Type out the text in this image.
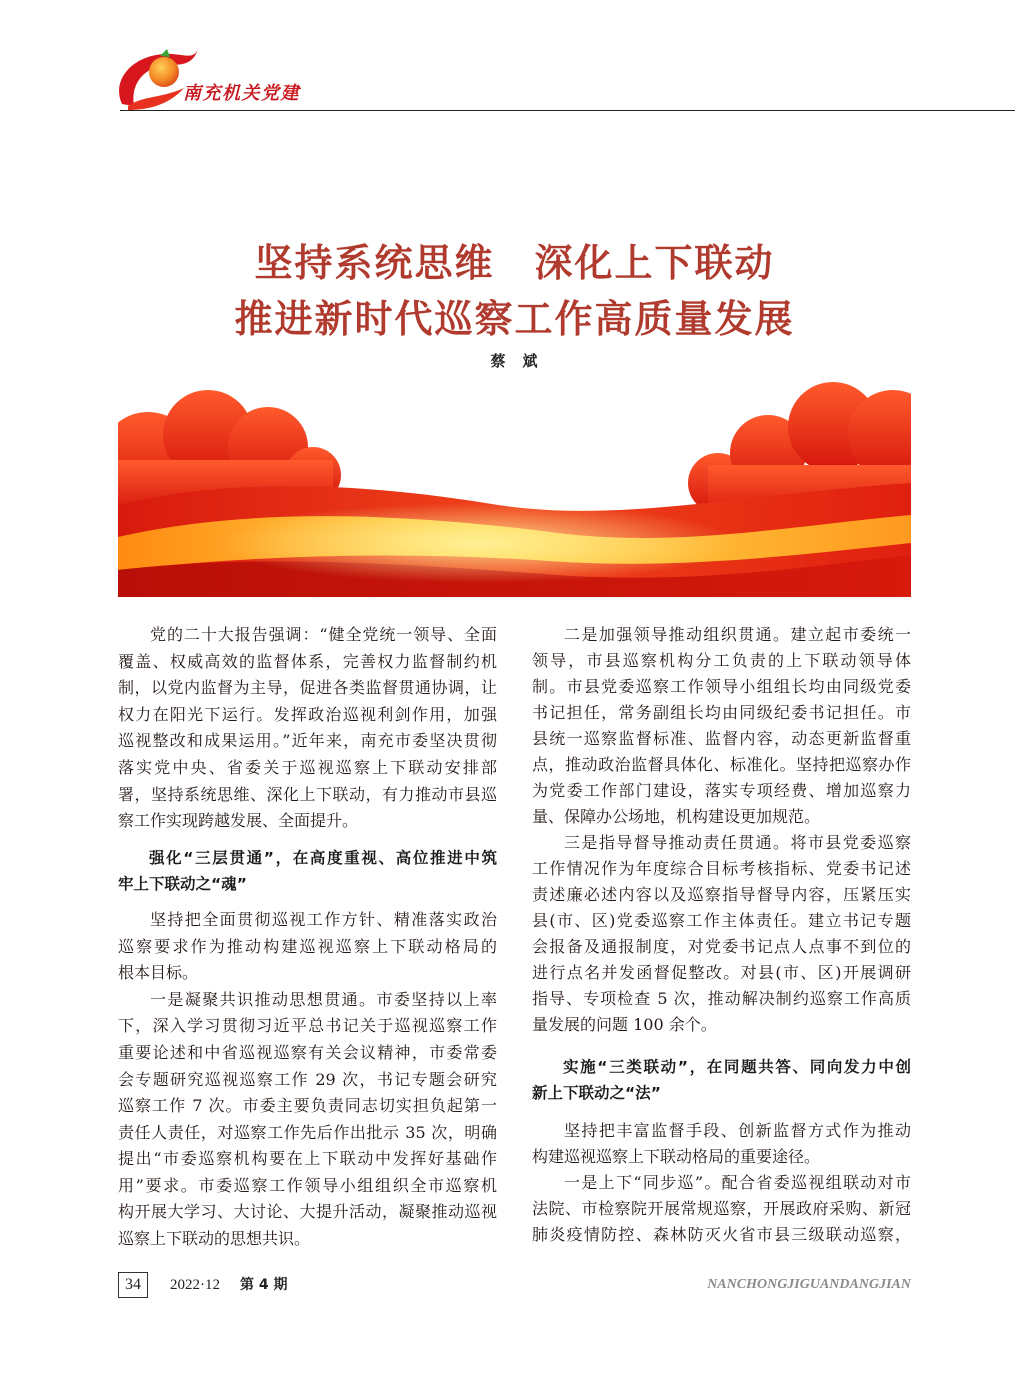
南充机关党建
坚持系统思维　深化上下联动
推进新时代巡察工作高质量发展
蔡　斌
党的二十大报告强调：“健全党统一领导、全面
覆盖、权威高效的监督体系，完善权力监督制约机
制，以党内监督为主导，促进各类监督贯通协调，让
权力在阳光下运行。发挥政治巡视利剑作用，加强
巡视整改和成果运用。”近年来，南充市委坚决贯彻
落实党中央、省委关于巡视巡察上下联动安排部
署，坚持系统思维、深化上下联动，有力推动市县巡
察工作实现跨越发展、全面提升。
强化“三层贯通”，在高度重视、高位推进中筑
牢上下联动之“魂”
坚持把全面贯彻巡视工作方针、精准落实政治
巡察要求作为推动构建巡视巡察上下联动格局的
根本目标。
一是凝聚共识推动思想贯通。市委坚持以上率
下，深入学习贯彻习近平总书记关于巡视巡察工作
重要论述和中省巡视巡察有关会议精神，市委常委
会专题研究巡视巡察工作 29 次，书记专题会研究
巡察工作 7 次。市委主要负责同志切实担负起第一
责任人责任，对巡察工作先后作出批示 35 次，明确
提出“市委巡察机构要在上下联动中发挥好基础作
用”要求。市委巡察工作领导小组组织全市巡察机
构开展大学习、大讨论、大提升活动，凝聚推动巡视
巡察上下联动的思想共识。
二是加强领导推动组织贯通。建立起市委统一
领导，市县巡察机构分工负责的上下联动领导体
制。市县党委巡察工作领导小组组长均由同级党委
书记担任，常务副组长均由同级纪委书记担任。市
县统一巡察监督标准、监督内容，动态更新监督重
点，推动政治监督具体化、标准化。坚持把巡察办作
为党委工作部门建设，落实专项经费、增加巡察力
量、保障办公场地，机构建设更加规范。
三是指导督导推动责任贯通。将市县党委巡察
工作情况作为年度综合目标考核指标、党委书记述
责述廉必述内容以及巡察指导督导内容，压紧压实
县(市、区)党委巡察工作主体责任。建立书记专题
会报备及通报制度，对党委书记点人点事不到位的
进行点名并发函督促整改。对县(市、区)开展调研
指导、专项检查 5 次，推动解决制约巡察工作高质
量发展的问题 100 余个。
实施“三类联动”，在同题共答、同向发力中创
新上下联动之“法”
坚持把丰富监督手段、创新监督方式作为推动
构建巡视巡察上下联动格局的重要途径。
一是上下“同步巡”。配合省委巡视组联动对市
法院、市检察院开展常规巡察，开展政府采购、新冠
肺炎疫情防控、森林防灭火省市县三级联动巡察，
34	2022·12 第 4 期	NANCHONGJIGUANDANGJIAN
